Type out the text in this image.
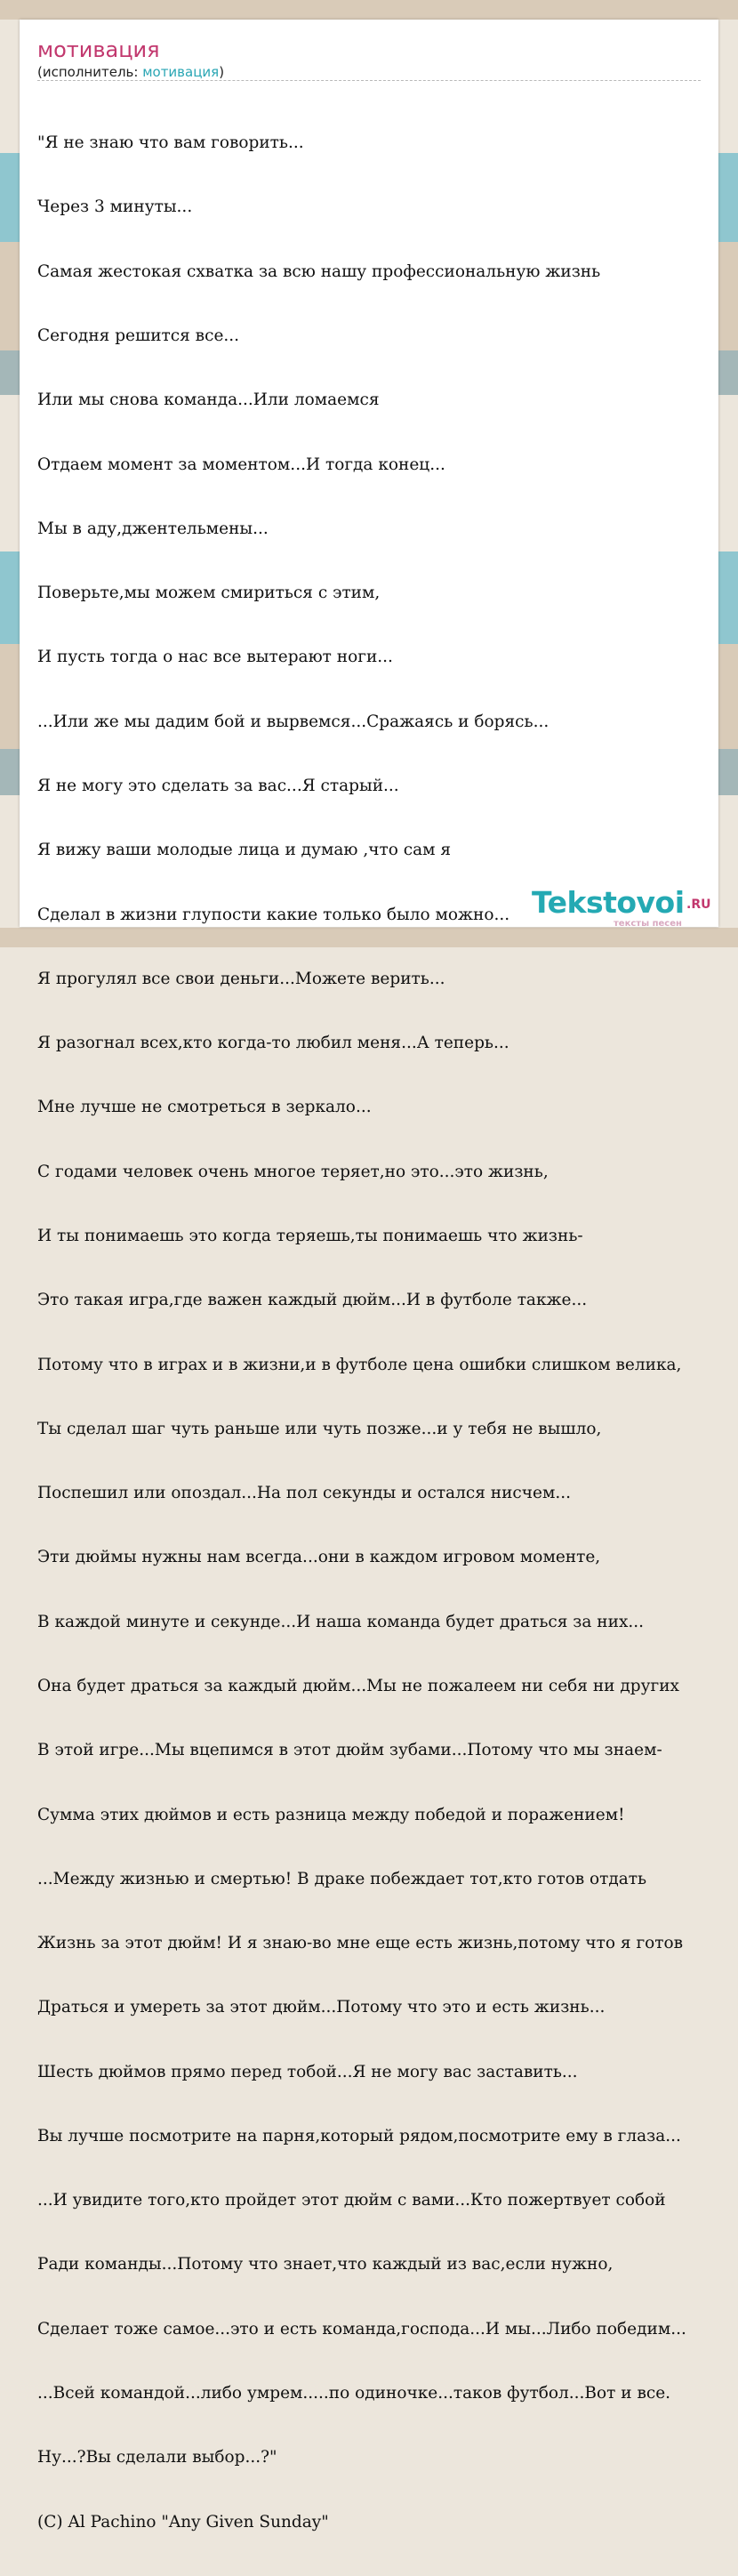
мотивация
(исполнитель: мотивация)

"Я не знаю что вам говорить...

Через 3 минуты...

Самая жестокая схватка за всю нашу профессиональную жизнь

Сегодня решится все...

Или мы снова команда...Или ломаемся

Отдаем момент за моментом...И тогда конец...

Мы в аду,джентельмены...

Поверьте,мы можем смириться с этим,

И пусть тогда о нас все вытерают ноги...

...Или же мы дадим бой и вырвемся...Сражаясь и борясь...

Я не могу это сделать за вас...Я старый...

Я вижу ваши молодые лица и думаю ,что сам я

Сделал в жизни глупости какие только было можно...

Я прогулял все свои деньги...Можете верить...

Я разогнал всех,кто когда-то любил меня...А теперь...

Мне лучше не смотреться в зеркало...

С годами человек очень многое теряет,но это...это жизнь,

И ты понимаешь это когда теряешь,ты понимаешь что жизнь-

Это такая игра,где важен каждый дюйм...И в футболе также...

Потому что в играх и в жизни,и в футболе цена ошибки слишком велика,

Ты сделал шаг чуть раньше или чуть позже...и у тебя не вышло,

Поспешил или опоздал...На пол секунды и остался нисчем...

Эти дюймы нужны нам всегда...они в каждом игровом моменте,

В каждой минуте и секунде...И наша команда будет драться за них...

Она будет драться за каждый дюйм...Мы не пожалеем ни себя ни других

В этой игре...Мы вцепимся в этот дюйм зубами...Потому что мы знаем-

Сумма этих дюймов и есть разница между победой и поражением!

...Между жизнью и смертью! В драке побеждает тот,кто готов отдать

Жизнь за этот дюйм! И я знаю-во мне еще есть жизнь,потому что я готов

Драться и умереть за этот дюйм...Потому что это и есть жизнь...

Шесть дюймов прямо перед тобой...Я не могу вас заставить...

Вы лучше посмотрите на парня,который рядом,посмотрите ему в глаза...

...И увидите того,кто пройдет этот дюйм с вами...Кто пожертвует собой

Ради команды...Потому что знает,что каждый из вас,если нужно,

Сделает тоже самое...это и есть команда,господа...И мы...Либо победим...

...Всей командой...либо умрем.....по одиночке...таков футбол...Вот и все.

Ну...?Вы сделали выбор...?"

(C) Al Pachino "Any Given Sunday"

Tekstovoi .RU
тексты песен
